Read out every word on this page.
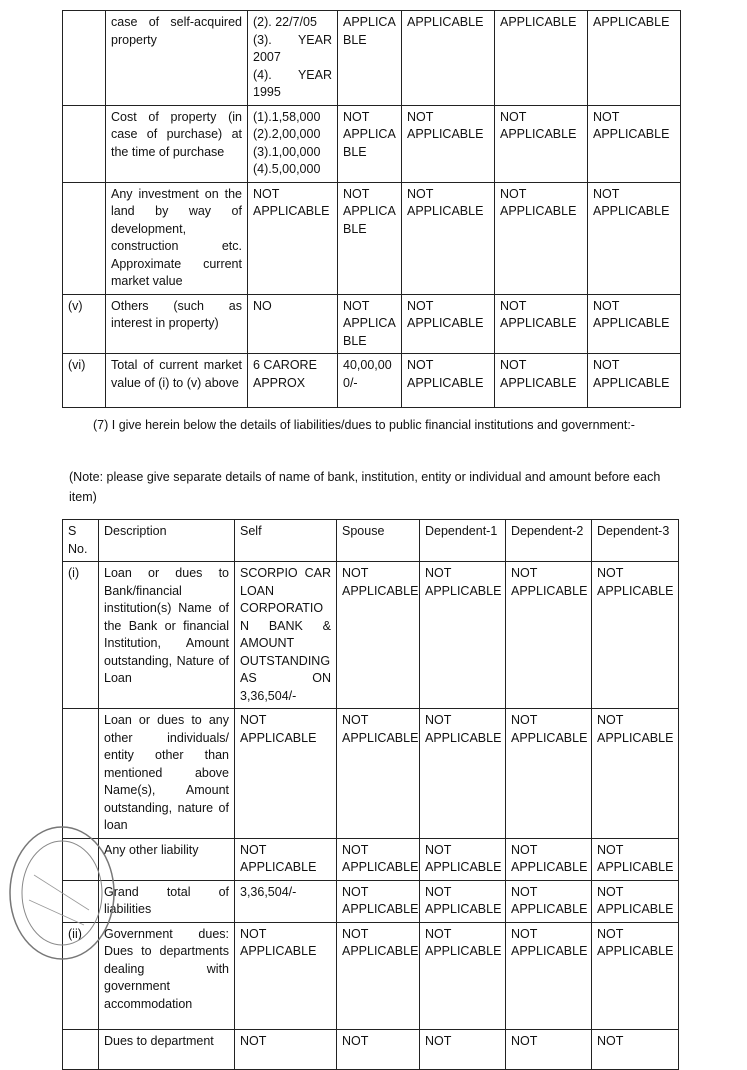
	case of self-acquired property	(2). 22/7/05
(3). YEAR 2007
(4). YEAR 1995	APPLICA BLE	APPLICABLE	APPLICABLE	APPLICABLE
	Cost of property (in case of purchase) at the time of purchase	(1).1,58,000
(2).2,00,000
(3).1,00,000
(4).5,00,000	NOT APPLICA BLE	NOT APPLICABLE	NOT APPLICABLE	NOT APPLICABLE
	Any investment on the land by way of development, construction etc. Approximate current market value	NOT APPLICABLE	NOT APPLICA BLE	NOT APPLICABLE	NOT APPLICABLE	NOT APPLICABLE
(v)	Others (such as interest in property)	NO	NOT APPLICA BLE	NOT APPLICABLE	NOT APPLICABLE	NOT APPLICABLE
(vi)	Total of current market value of (i) to (v) above	6 CARORE APPROX	40,00,00 0/-	NOT APPLICABLE	NOT APPLICABLE	NOT APPLICABLE
(7) I give herein below the details of liabilities/dues to public financial institutions and government:-
(Note: please give separate details of name of bank, institution, entity or individual and amount before each item)
S No.	Description	Self	Spouse	Dependent-1	Dependent-2	Dependent-3
(i)	Loan or dues to Bank/financial institution(s) Name of the Bank or financial Institution, Amount outstanding, Nature of Loan	SCORPIO CAR LOAN CORPORATIO N BANK & AMOUNT OUTSTANDING AS ON 3,36,504/-	NOT APPLICABLE	NOT APPLICABLE	NOT APPLICABLE	NOT APPLICABLE
	Loan or dues to any other individuals/ entity other than mentioned above Name(s), Amount outstanding, nature of loan	NOT APPLICABLE	NOT APPLICABLE	NOT APPLICABLE	NOT APPLICABLE	NOT APPLICABLE
	Any other liability	NOT APPLICABLE	NOT APPLICABLE	NOT APPLICABLE	NOT APPLICABLE	NOT APPLICABLE
	Grand total of liabilities	3,36,504/-	NOT APPLICABLE	NOT APPLICABLE	NOT APPLICABLE	NOT APPLICABLE
(ii)	Government dues: Dues to departments dealing with government accommodation	NOT APPLICABLE	NOT APPLICABLE	NOT APPLICABLE	NOT APPLICABLE	NOT APPLICABLE
	Dues to department	NOT	NOT	NOT	NOT	NOT
